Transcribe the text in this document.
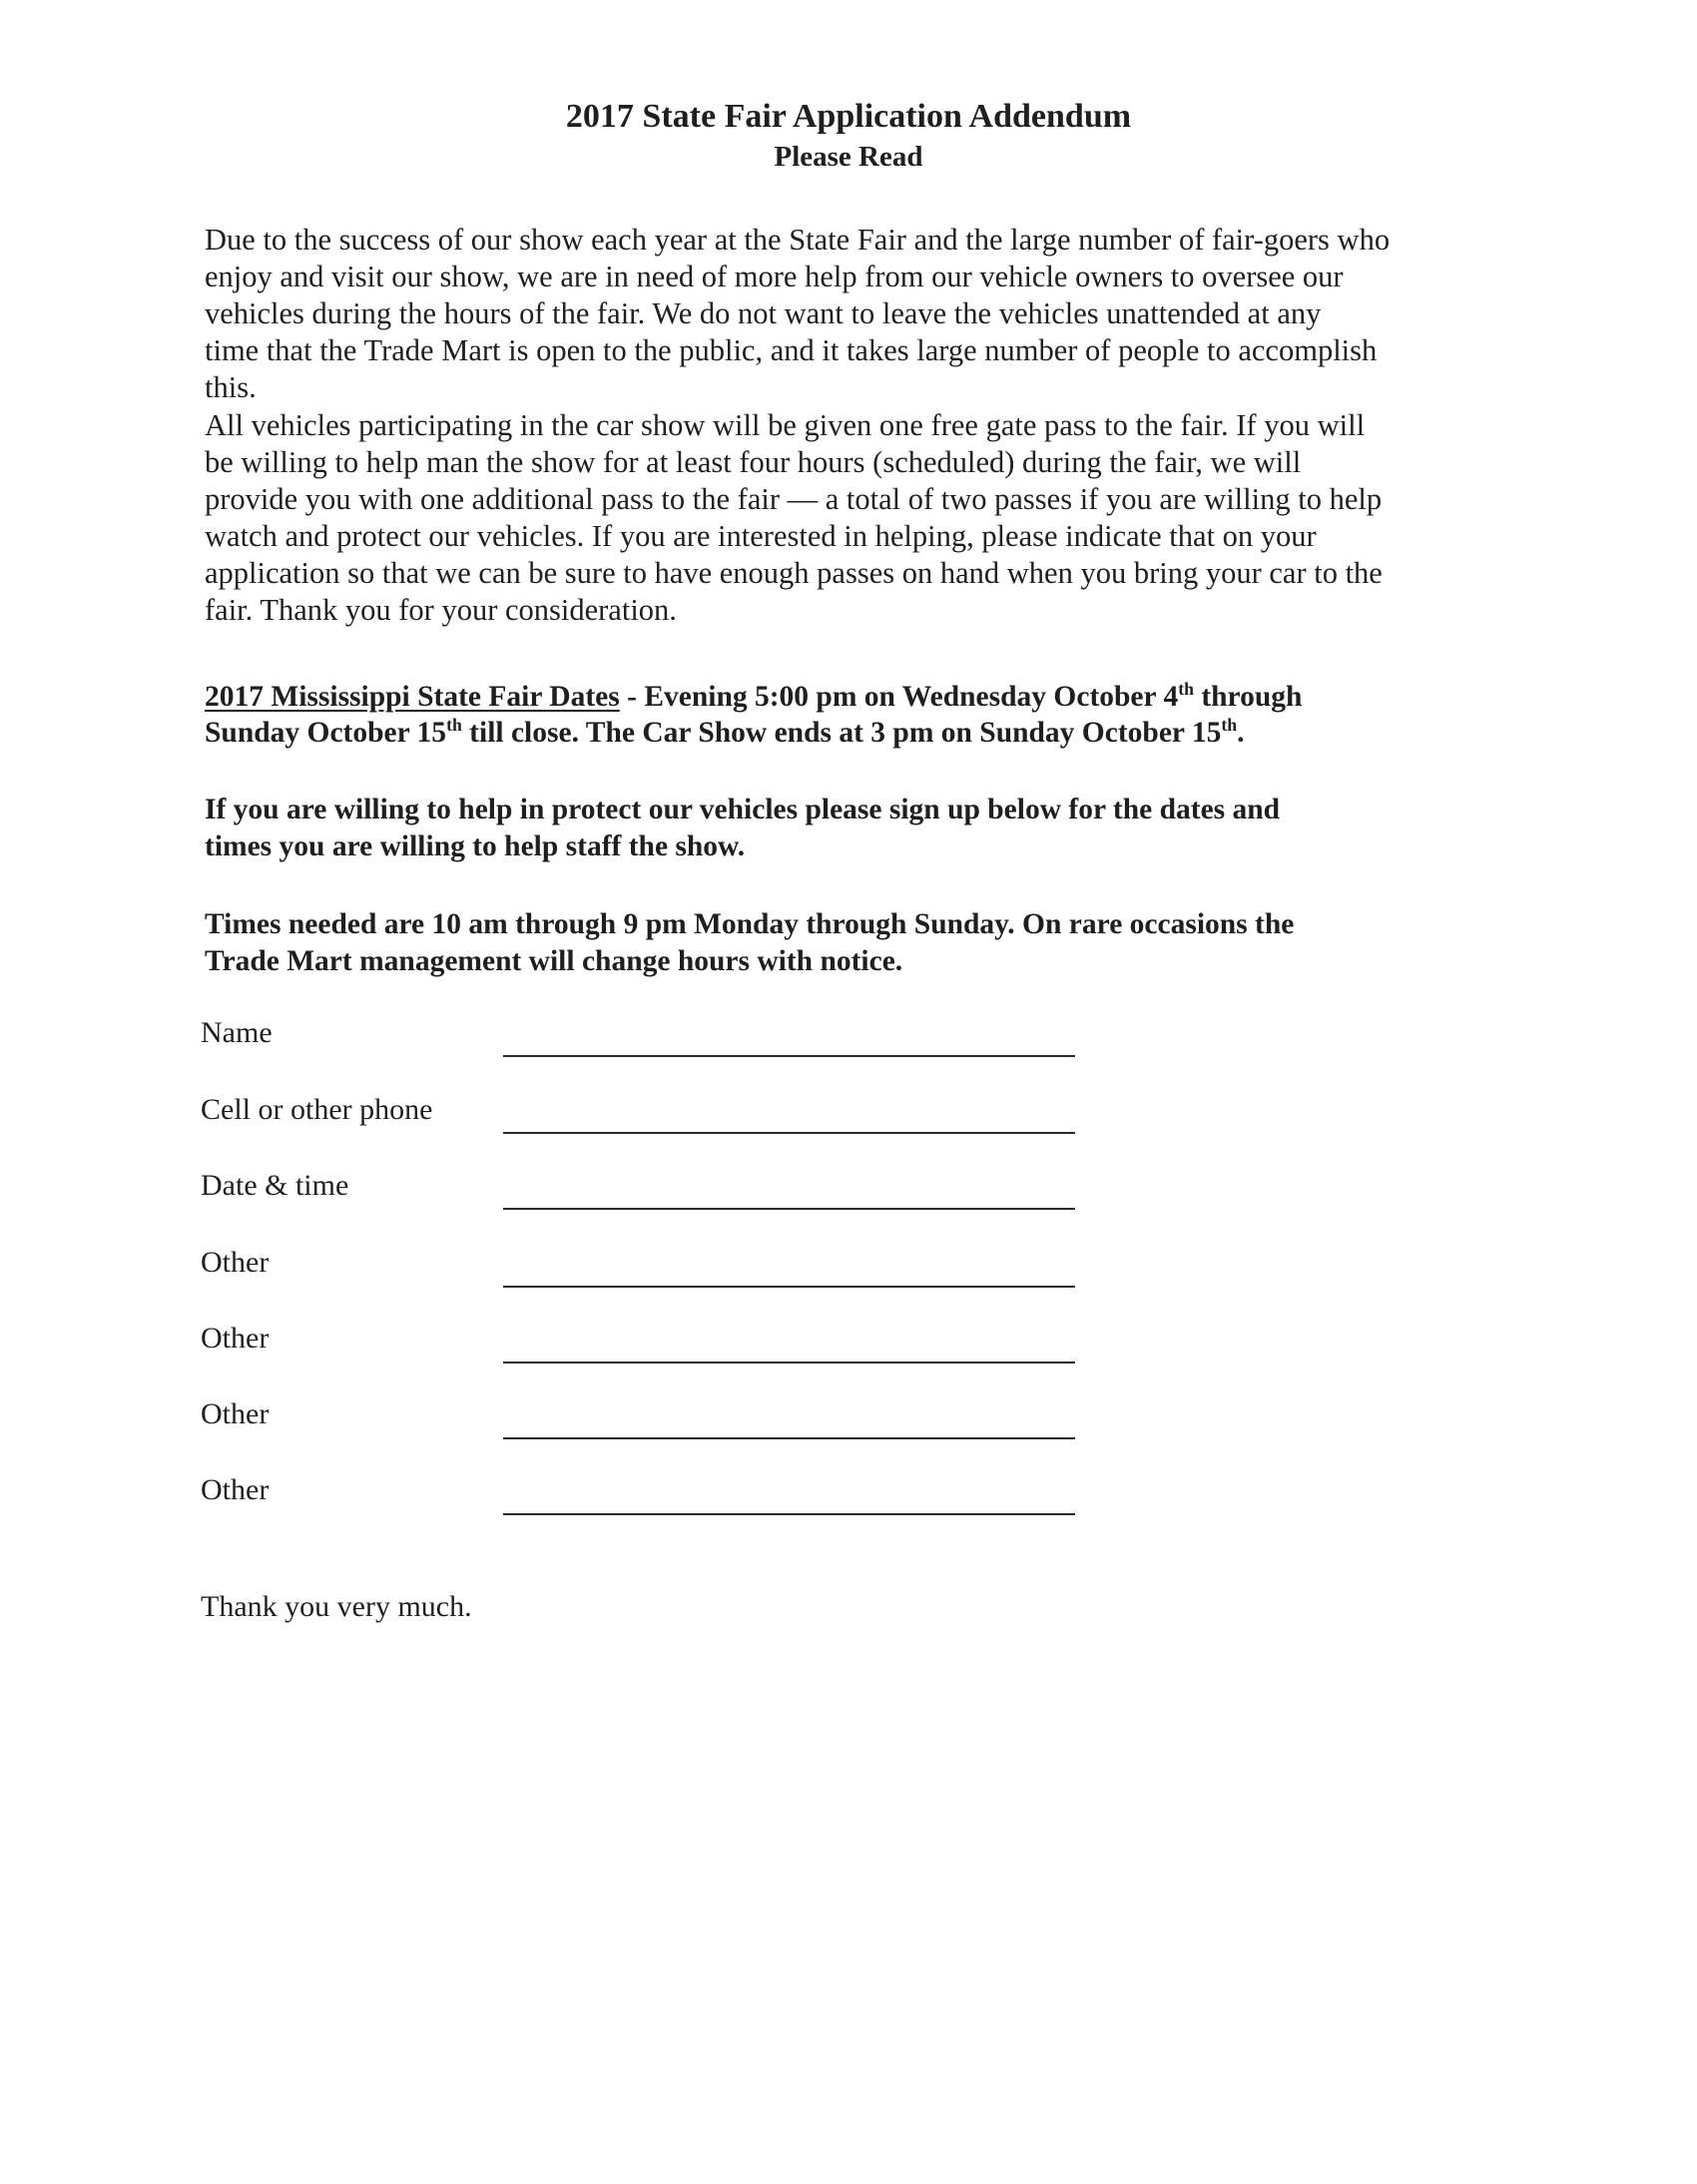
2017 State Fair Application Addendum
Please Read
Due to the success of our show each year at the State Fair and the large number of fair-goers who
enjoy and visit our show, we are in need of more help from our vehicle owners to oversee our
vehicles during the hours of the fair. We do not want to leave the vehicles unattended at any
time that the Trade Mart is open to the public, and it takes large number of people to accomplish
this.
All vehicles participating in the car show will be given one free gate pass to the fair. If you will
be willing to help man the show for at least four hours (scheduled) during the fair, we will
provide you with one additional pass to the fair — a total of two passes if you are willing to help
watch and protect our vehicles. If you are interested in helping, please indicate that on your
application so that we can be sure to have enough passes on hand when you bring your car to the
fair. Thank you for your consideration.
2017 Mississippi State Fair Dates - Evening 5:00 pm on Wednesday October 4th through
Sunday October 15th till close. The Car Show ends at 3 pm on Sunday October 15th.
If you are willing to help in protect our vehicles please sign up below for the dates and
times you are willing to help staff the show.
Times needed are 10 am through 9 pm Monday through Sunday. On rare occasions the
Trade Mart management will change hours with notice.
Name
Cell or other phone
Date & time
Other
Other
Other
Other
Thank you very much.
